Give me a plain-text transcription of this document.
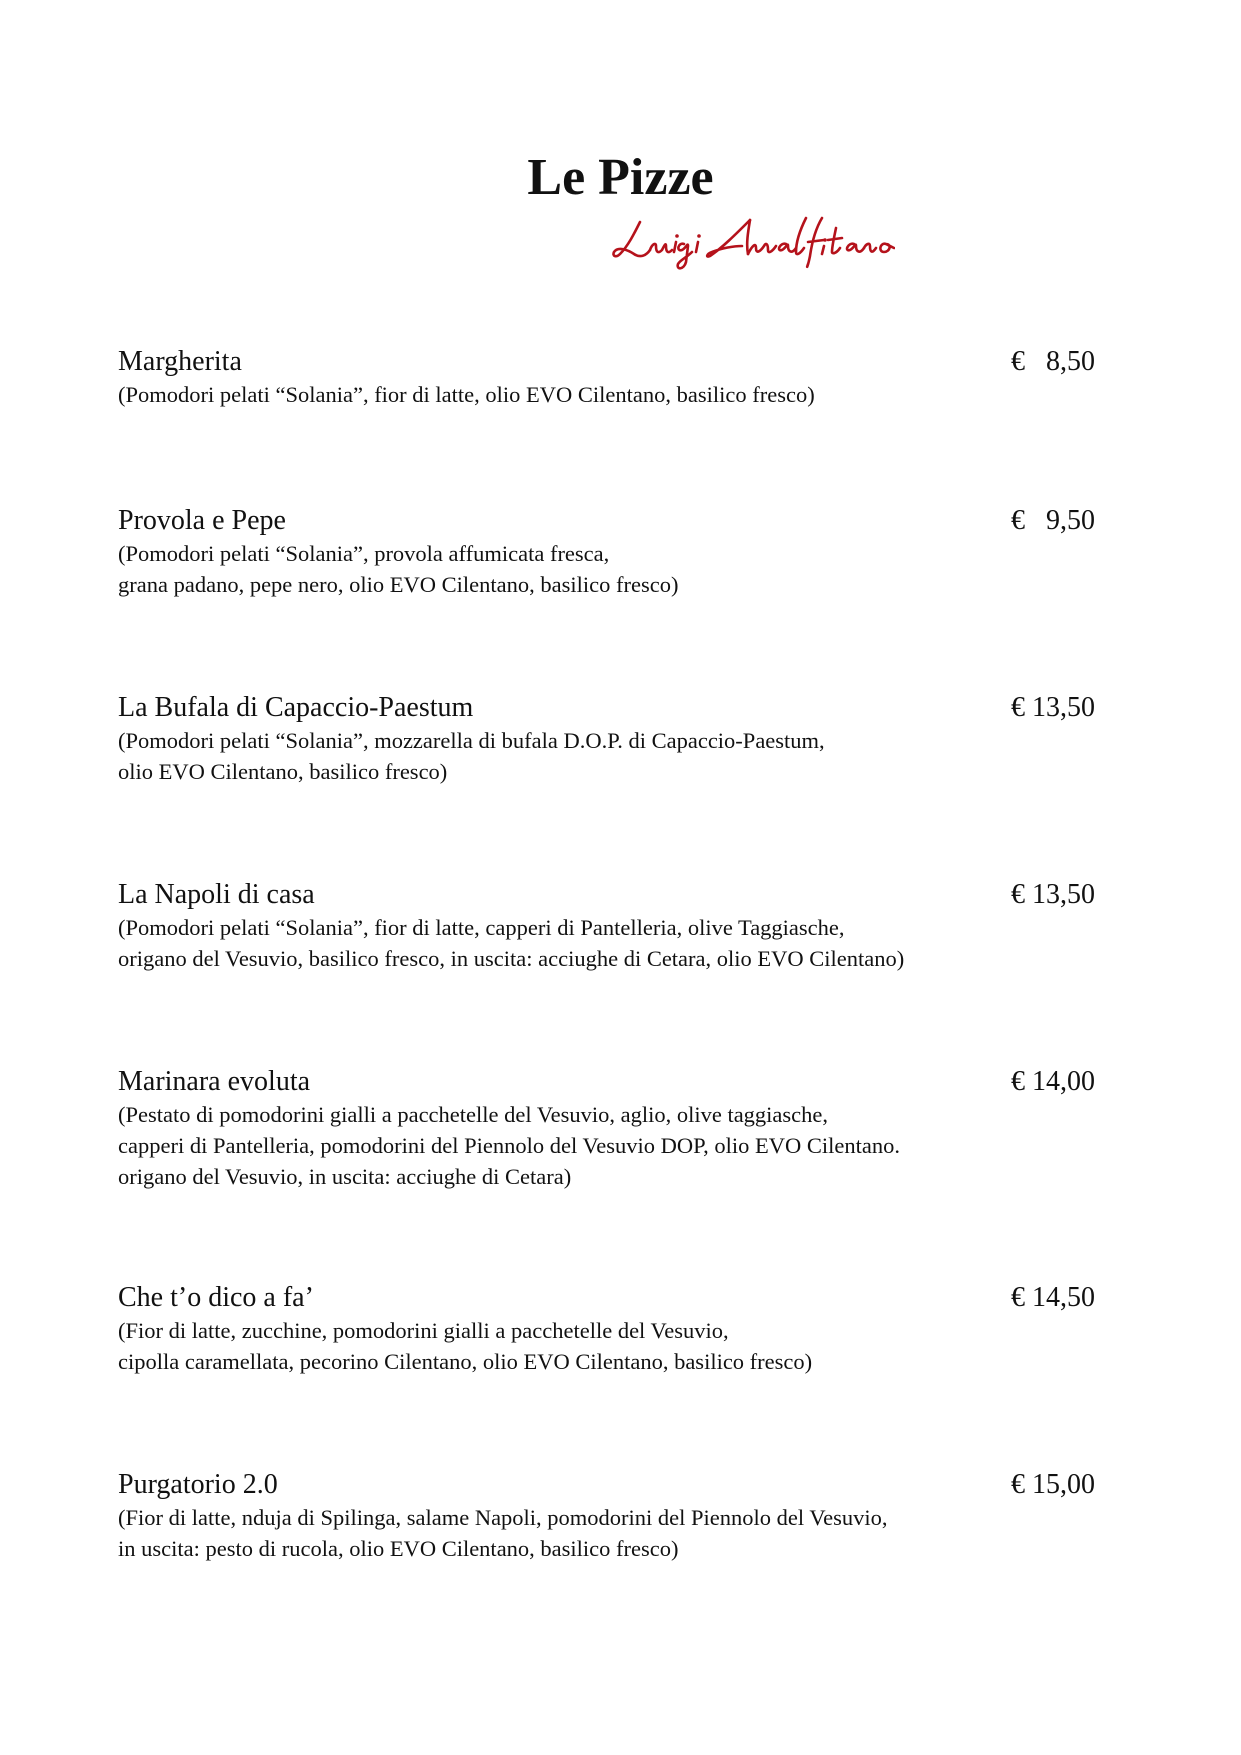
Le Pizze
Margherita	€   8,50
(Pomodori pelati “Solania”, fior di latte, olio EVO Cilentano, basilico fresco)
Provola e Pepe	€   9,50
(Pomodori pelati “Solania”, provola affumicata fresca,
grana padano, pepe nero, olio EVO Cilentano, basilico fresco)
La Bufala di Capaccio-Paestum	€ 13,50
(Pomodori pelati “Solania”, mozzarella di bufala D.O.P. di Capaccio-Paestum,
olio EVO Cilentano, basilico fresco)
La Napoli di casa	€ 13,50
(Pomodori pelati “Solania”, fior di latte, capperi di Pantelleria, olive Taggiasche,
origano del Vesuvio, basilico fresco, in uscita: acciughe di Cetara, olio EVO Cilentano)
Marinara evoluta	€ 14,00
(Pestato di pomodorini gialli a pacchetelle del Vesuvio, aglio, olive taggiasche,
capperi di Pantelleria, pomodorini del Piennolo del Vesuvio DOP, olio EVO Cilentano.
origano del Vesuvio, in uscita: acciughe di Cetara)
Che t’o dico a fa’	€ 14,50
(Fior di latte, zucchine, pomodorini gialli a pacchetelle del Vesuvio,
cipolla caramellata, pecorino Cilentano, olio EVO Cilentano, basilico fresco)
Purgatorio 2.0	€ 15,00
(Fior di latte, nduja di Spilinga, salame Napoli, pomodorini del Piennolo del Vesuvio,
in uscita: pesto di rucola, olio EVO Cilentano, basilico fresco)
